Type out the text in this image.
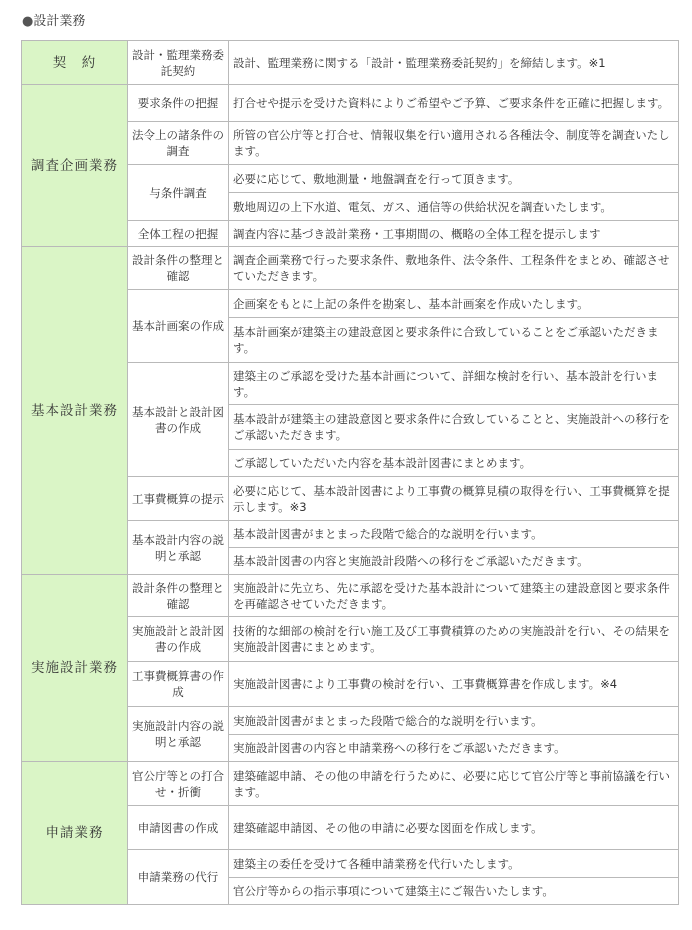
●設計業務
契　約	設計・監理業務委託契約	設計、監理業務に関する「設計・監理業務委託契約」を締結します。※1
調査企画業務	要求条件の把握	打合せや提示を受けた資料によりご希望やご予算、ご要求条件を正確に把握します。
	法令上の諸条件の調査	所管の官公庁等と打合せ、情報収集を行い適用される各種法令、制度等を調査いたします。
	与条件調査	必要に応じて、敷地測量・地盤調査を行って頂きます。
		敷地周辺の上下水道、電気、ガス、通信等の供給状況を調査いたします。
	全体工程の把握	調査内容に基づき設計業務・工事期間の、概略の全体工程を提示します
基本設計業務	設計条件の整理と確認	調査企画業務で行った要求条件、敷地条件、法令条件、工程条件をまとめ、確認させていただきます。
	基本計画案の作成	企画案をもとに上記の条件を勘案し、基本計画案を作成いたします。
		基本計画案が建築主の建設意図と要求条件に合致していることをご承認いただきます。
	基本設計と設計図書の作成	建築主のご承認を受けた基本計画について、詳細な検討を行い、基本設計を行います。
		基本設計が建築主の建設意図と要求条件に合致していることと、実施設計への移行をご承認いただきます。
		ご承認していただいた内容を基本設計図書にまとめます。
	工事費概算の提示	必要に応じて、基本設計図書により工事費の概算見積の取得を行い、工事費概算を提示します。※3
	基本設計内容の説明と承認	基本設計図書がまとまった段階で総合的な説明を行います。
		基本設計図書の内容と実施設計段階への移行をご承認いただきます。
実施設計業務	設計条件の整理と確認	実施設計に先立ち、先に承認を受けた基本設計について建築主の建設意図と要求条件を再確認させていただきます。
	実施設計と設計図書の作成	技術的な細部の検討を行い施工及び工事費積算のための実施設計を行い、その結果を実施設計図書にまとめます。
	工事費概算書の作成	実施設計図書により工事費の検討を行い、工事費概算書を作成します。※4
	実施設計内容の説明と承認	実施設計図書がまとまった段階で総合的な説明を行います。
		実施設計図書の内容と申請業務への移行をご承認いただきます。
申請業務	官公庁等との打合せ・折衝	建築確認申請、その他の申請を行うために、必要に応じて官公庁等と事前協議を行います。
	申請図書の作成	建築確認申請図、その他の申請に必要な図面を作成します。
	申請業務の代行	建築主の委任を受けて各種申請業務を代行いたします。
		官公庁等からの指示事項について建築主にご報告いたします。
